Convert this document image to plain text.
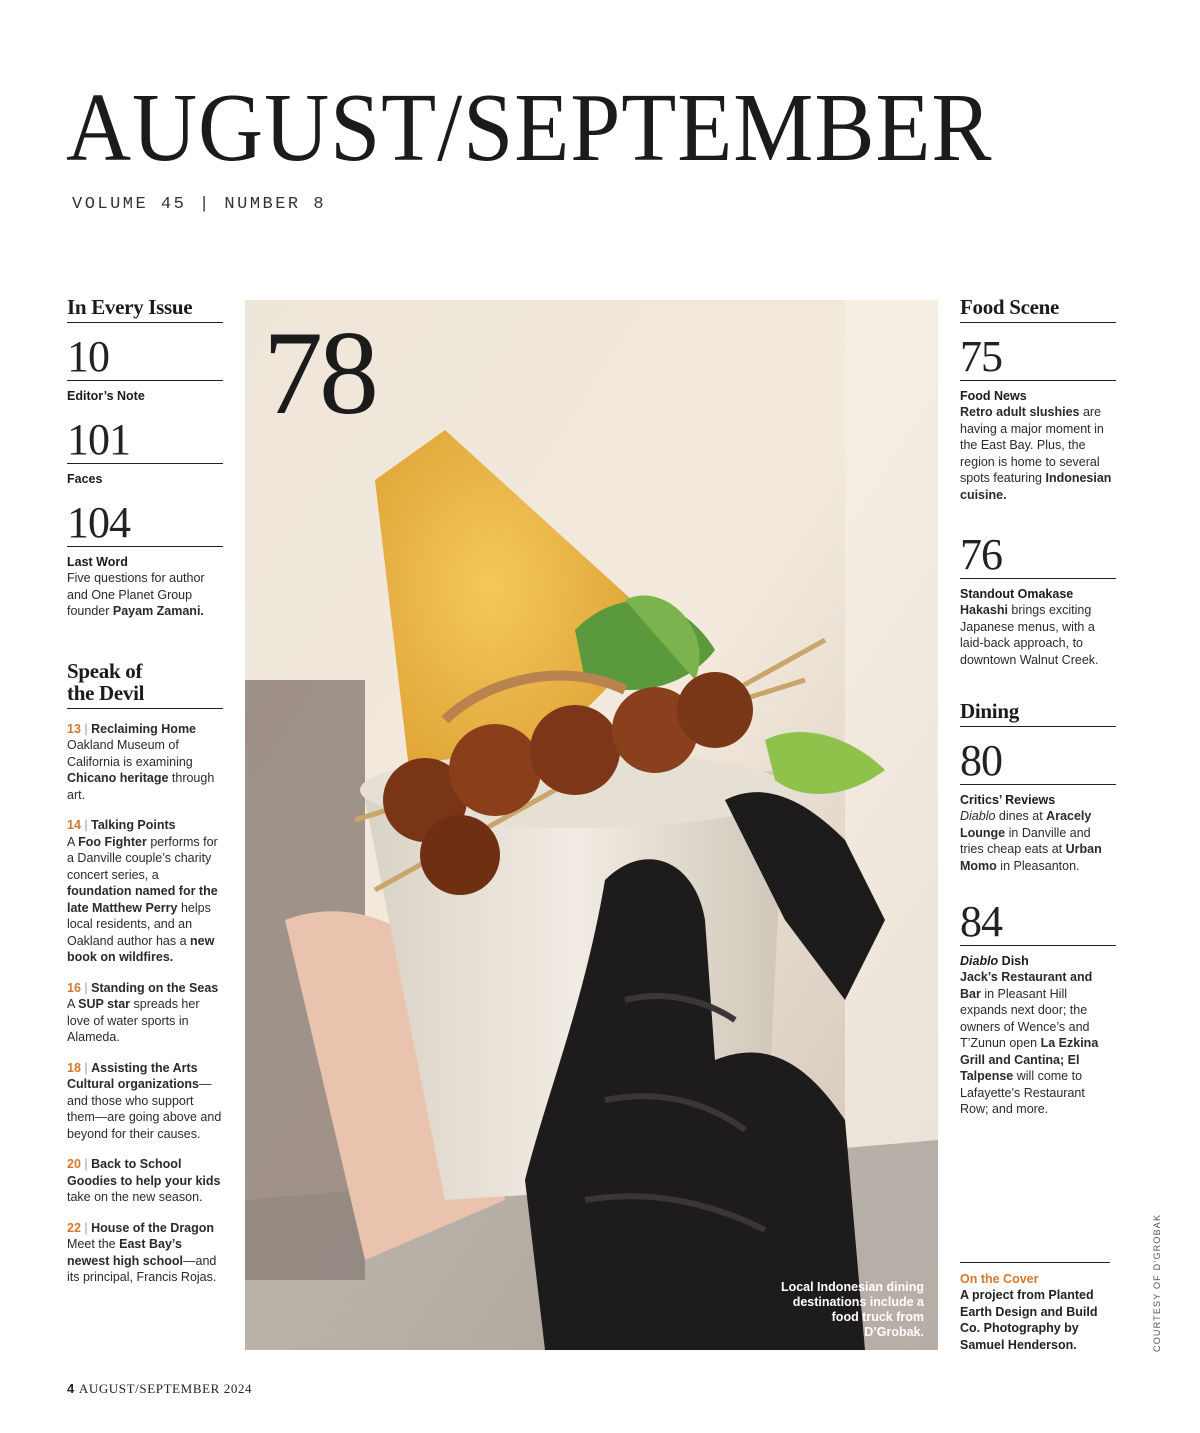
AUGUST/SEPTEMBER
VOLUME 45 | NUMBER 8
In Every Issue
10
Editor’s Note
101
Faces
104
Last Word
Five questions for author and One Planet Group founder Payam Zamani.
Speak of
the Devil
13 | Reclaiming Home
Oakland Museum of California is examining Chicano heritage through art.
14 | Talking Points
A Foo Fighter performs for a Danville couple’s charity concert series, a foundation named for the late Matthew Perry helps local residents, and an Oakland author has a new book on wildfires.
16 | Standing on the Seas
A SUP star spreads her love of water sports in Alameda.
18 | Assisting the Arts
Cultural organizations—and those who support them—are going above and beyond for their causes.
20 | Back to School
Goodies to help your kids take on the new season.
22 | House of the Dragon
Meet the East Bay’s newest high school—and its principal, Francis Rojas.
78
Local Indonesian dining destinations include a food truck from D’Grobak.
Food Scene
75
Food News
Retro adult slushies are having a major moment in the East Bay. Plus, the region is home to several spots featuring Indonesian cuisine.
76
Standout Omakase
Hakashi brings exciting Japanese menus, with a laid-back approach, to downtown Walnut Creek.
Dining
80
Critics’ Reviews
Diablo dines at Aracely Lounge in Danville and tries cheap eats at Urban Momo in Pleasanton.
84
Diablo Dish
Jack’s Restaurant and Bar in Pleasant Hill expands next door; the owners of Wence’s and T’Zunun open La Ezkina Grill and Cantina; El Talpense will come to Lafayette’s Restaurant Row; and more.
On the Cover
A project from Planted Earth Design and Build Co. Photography by Samuel Henderson.	COURTESY OF D’GROBAK
4 AUGUST/SEPTEMBER 2024
